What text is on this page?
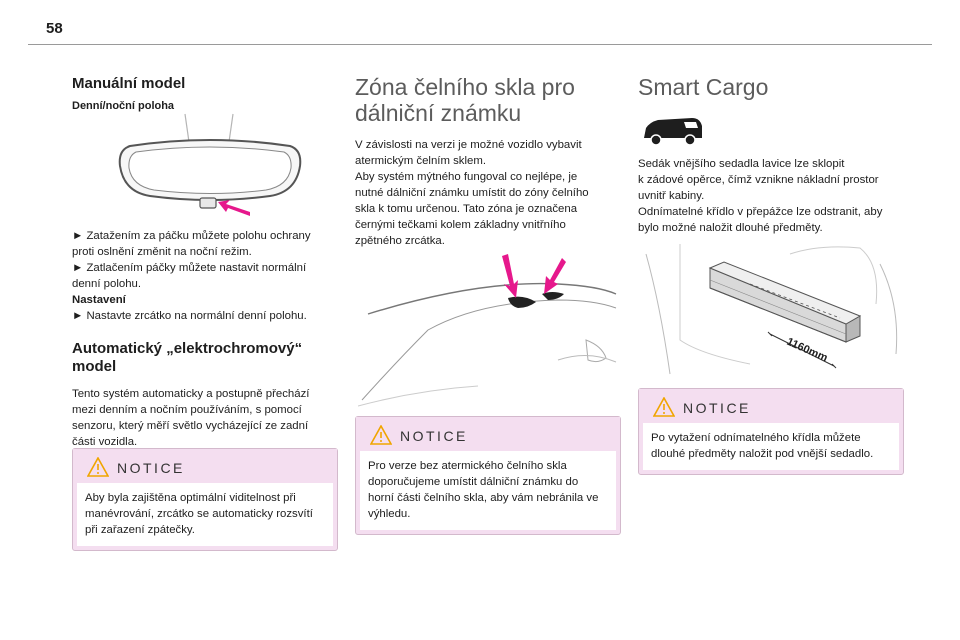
58
Manuální model
Denní/noční poloha
► Zatažením za páčku můžete polohu ochrany
proti oslnění změnit na noční režim.
► Zatlačením páčky můžete nastavit normální
denní polohu.
Nastavení
► Nastavte zrcátko na normální denní polohu.
Automatický „elektrochromový“
model
Tento systém automaticky a postupně přechází
mezi denním a nočním používáním, s pomocí
senzoru, který měří světlo vycházející ze zadní
části vozidla.
NOTICE
Aby byla zajištěna optimální viditelnost při
manévrování, zrcátko se automaticky rozsvítí
při zařazení zpátečky.
Zóna čelního skla pro
dálniční známku
V závislosti na verzi je možné vozidlo vybavit
atermickým čelním sklem.
Aby systém mýtného fungoval co nejlépe, je
nutné dálniční známku umístit do zóny čelního
skla k tomu určenou. Tato zóna je označena
černými tečkami kolem základny vnitřního
zpětného zrcátka.
NOTICE
Pro verze bez atermického čelního skla
doporučujeme umístit dálniční známku do
horní části čelního skla, aby vám nebránila ve
výhledu.
Smart Cargo
Sedák vnějšího sedadla lavice lze sklopit
k zádové opěrce, čímž vznikne nákladní prostor
uvnitř kabiny.
Odnímatelné křídlo v přepážce lze odstranit, aby
bylo možné naložit dlouhé předměty.
1160mm
NOTICE
Po vytažení odnímatelného křídla můžete
dlouhé předměty naložit pod vnější sedadlo.
